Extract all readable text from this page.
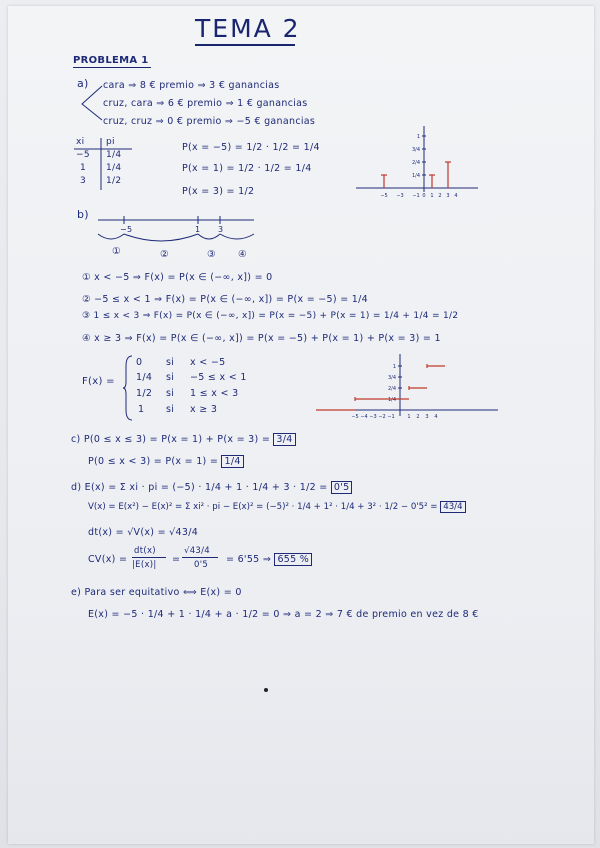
TEMA 2
PROBLEMA 1
a) cara ⇒ 8 € premio ⇒ 3 € ganancias
cruz, cara ⇒ 6 € premio ⇒ 1 € ganancias
cruz, cruz ⇒ 0 € premio ⇒ −5 € ganancias
xi pi
−5 1/4
1 1/4
3 1/2
P(x = −5) = 1/2 · 1/2 = 1/4
P(x = 1) = 1/2 · 1/2 = 1/4
P(x = 3) = 1/2
1
3/4
2/4
1/4
−5 −3 −1 0 1 2 3 4
b)
−5	1 3
①	②	③ ④
① x < −5 ⇒ F(x) = P(x ∈ (−∞, x]) = 0
② −5 ≤ x < 1 ⇒ F(x) = P(x ∈ (−∞, x]) = P(x = −5) = 1/4
③ 1 ≤ x < 3 ⇒ F(x) = P(x ∈ (−∞, x]) = P(x = −5) + P(x = 1) = 1/4 + 1/4 = 1/2
④ x ≥ 3 ⇒ F(x) = P(x ∈ (−∞, x]) = P(x = −5) + P(x = 1) + P(x = 3) = 1
F(x) =
0 si x < −5
1/4 si −5 ≤ x < 1
1/2 si 1 ≤ x < 3
1 si x ≥ 3
1
3/4
2/4
1/4
−5 −4 −3 −2 −1	1 2 3 4
c) P(0 ≤ x ≤ 3) = P(x = 1) + P(x = 3) = 3/4
P(0 ≤ x < 3) = P(x = 1) = 1/4
d) E(x) = Σ xi · pi = (−5) · 1/4 + 1 · 1/4 + 3 · 1/2 = 0'5
V(x) = E(x²) − E(x)² = Σ xi² · pi − E(x)² = (−5)² · 1/4 + 1² · 1/4 + 3² · 1/2 − 0'5² = 43/4
dt(x) = √V(x) = √43/4
CV(x) =
dt(x)
|E(x)| =
√43/4
0'5 = 6'55 ⇒ 655 %
e) Para ser equitativo ⟺ E(x) = 0
E(x) = −5 · 1/4 + 1 · 1/4 + a · 1/2 = 0 ⇒ a = 2 ⇒ 7 € de premio en vez de 8 €
